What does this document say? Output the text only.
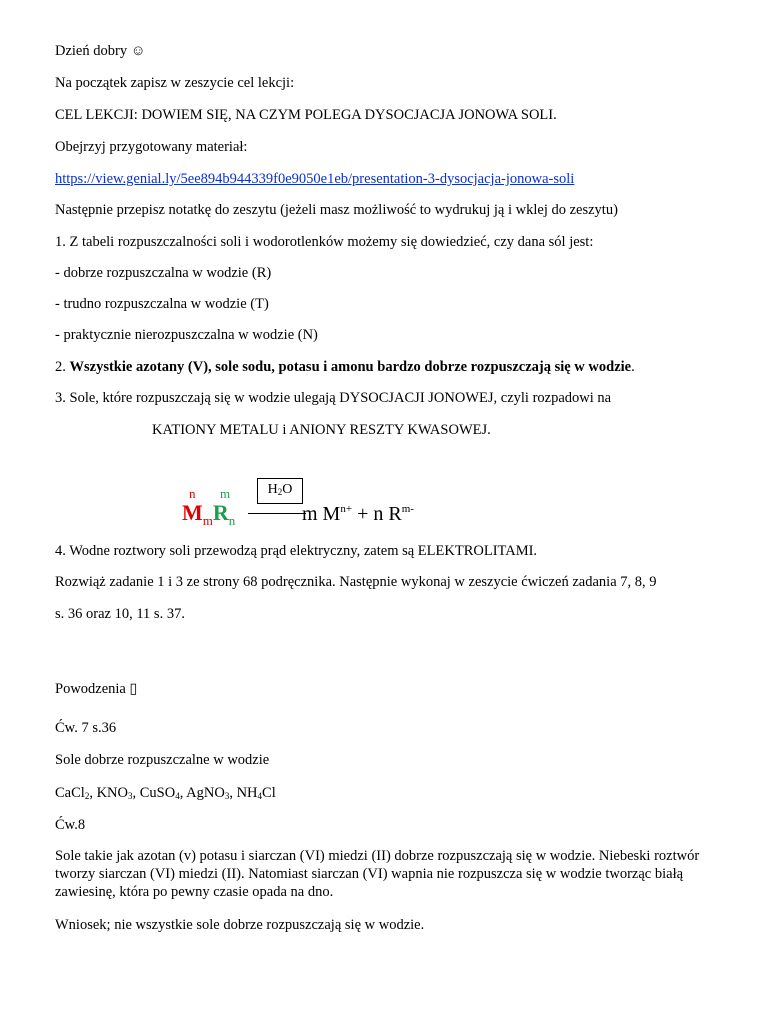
Dzień dobry ☺
Na początek zapisz w zeszycie cel lekcji:
CEL LEKCJI: DOWIEM SIĘ, NA CZYM POLEGA DYSOCJACJA JONOWA SOLI.
Obejrzyj przygotowany materiał:
https://view.genial.ly/5ee894b944339f0e9050e1eb/presentation-3-dysocjacja-jonowa-soli
Następnie przepisz notatkę do zeszytu (jeżeli masz możliwość to wydrukuj ją i wklej do zeszytu)
1. Z tabeli rozpuszczalności soli i wodorotlenków możemy się dowiedzieć, czy dana sól jest:
- dobrze rozpuszczalna w wodzie (R)
- trudno rozpuszczalna w wodzie (T)
- praktycznie nierozpuszczalna w wodzie (N)
2. Wszystkie azotany (V), sole sodu, potasu i amonu bardzo dobrze rozpuszczają się w wodzie.
3. Sole, które rozpuszczają się w wodzie ulegają DYSOCJACJI JONOWEJ, czyli rozpadowi na
KATIONY METALU i ANIONY RESZTY KWASOWEJ.
n m	$H_2O$
$M_mR_n$	m $M^{n+} + n$ $R^{m-}$
4. Wodne roztwory soli przewodzą prąd elektryczny, zatem są ELEKTROLITAMI.
Rozwiąż zadanie 1 i 3 ze strony 68 podręcznika. Następnie wykonaj w zeszycie ćwiczeń zadania 7, 8, 9
s. 36 oraz 10, 11 s. 37.
Powodzenia ▯
Ćw. 7 s.36
Sole dobrze rozpuszczalne w wodzie
CaCl$_2$, $KNO_3$, CuSO$_4$, AgNO$_3$, $NH_4Cl$
Ćw.8
Sole takie jak azotan (v) potasu i siarczan (VI) miedzi (II) dobrze rozpuszczają się w wodzie. Niebeski roztwór tworzy siarczan (VI) miedzi (II). Natomiast siarczan (VI) wapnia nie rozpuszcza się w wodzie tworząc białą zawiesinę, która po pewny czasie opada na dno.
Wniosek; nie wszystkie sole dobrze rozpuszczają się w wodzie.
